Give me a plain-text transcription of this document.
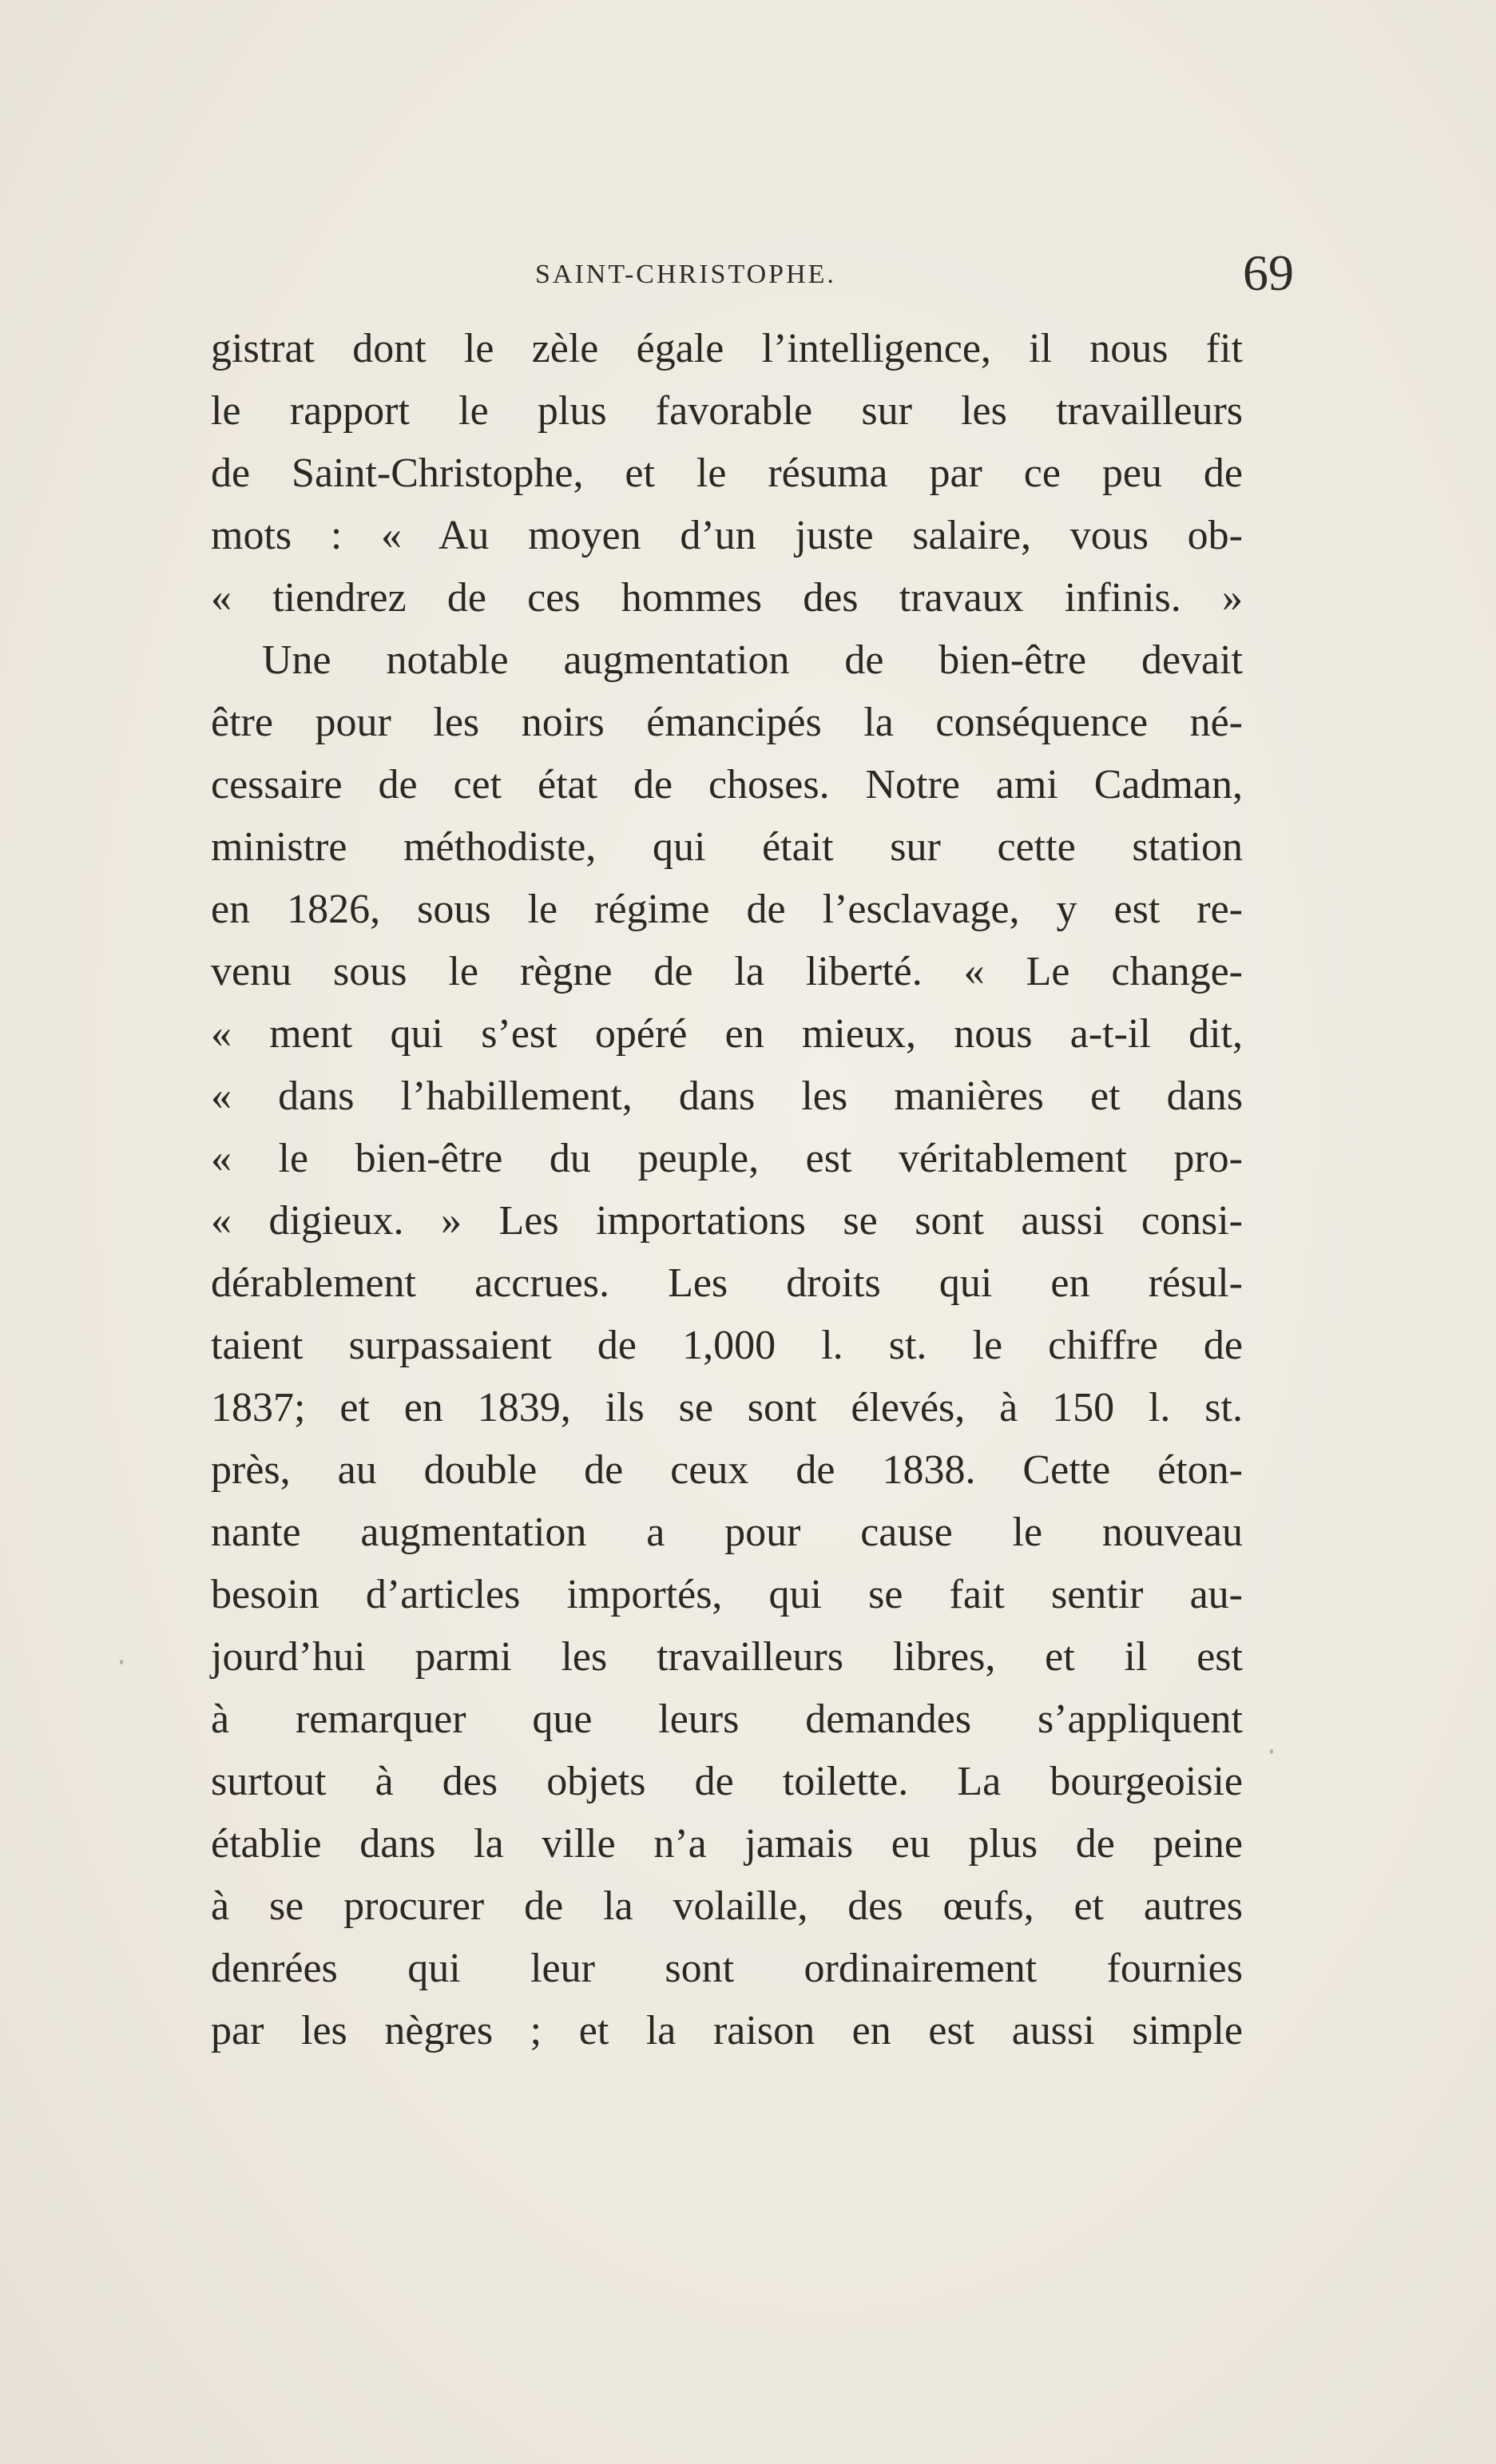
SAINT-CHRISTOPHE.	69
gistrat dont le zèle égale l’intelligence, il nous fit
le rapport le plus favorable sur les travailleurs
de Saint-Christophe, et le résuma par ce peu de
mots : « Au moyen d’un juste salaire, vous ob-
« tiendrez de ces hommes des travaux infinis. »
Une notable augmentation de bien-être devait
être pour les noirs émancipés la conséquence né-
cessaire de cet état de choses. Notre ami Cadman,
ministre méthodiste, qui était sur cette station
en 1826, sous le régime de l’esclavage, y est re-
venu sous le règne de la liberté. « Le change-
« ment qui s’est opéré en mieux, nous a-t-il dit,
« dans l’habillement, dans les manières et dans
« le bien-être du peuple, est véritablement pro-
« digieux. » Les importations se sont aussi consi-
dérablement accrues. Les droits qui en résul-
taient surpassaient de 1,000 l. st. le chiffre de
1837; et en 1839, ils se sont élevés, à 150 l. st.
près, au double de ceux de 1838. Cette éton-
nante augmentation a pour cause le nouveau
besoin d’articles importés, qui se fait sentir au-
jourd’hui parmi les travailleurs libres, et il est
à remarquer que leurs demandes s’appliquent
surtout à des objets de toilette. La bourgeoisie
établie dans la ville n’a jamais eu plus de peine
à se procurer de la volaille, des œufs, et autres
denrées qui leur sont ordinairement fournies
par les nègres ; et la raison en est aussi simple
